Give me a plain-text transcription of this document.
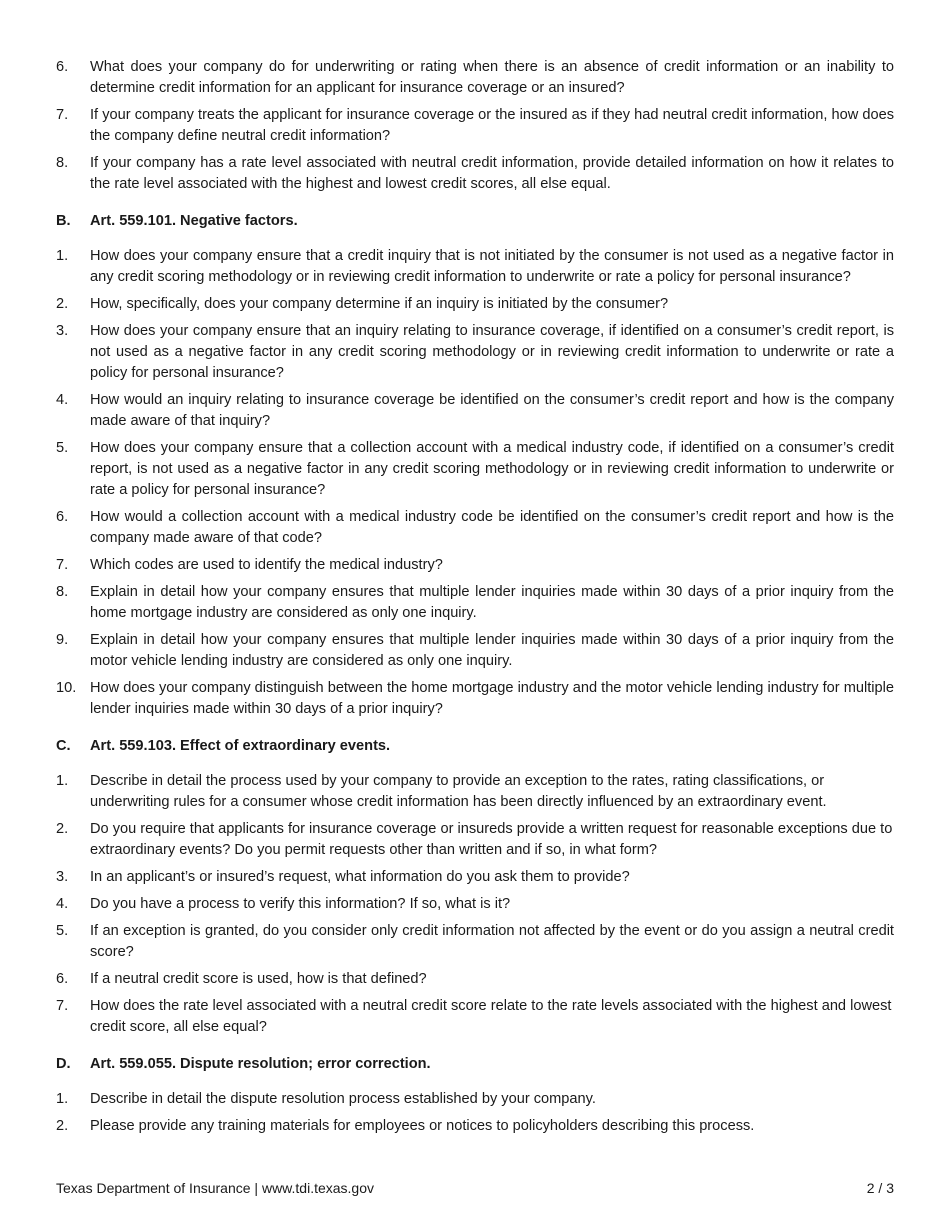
6.	What does your company do for underwriting or rating when there is an absence of credit information or an inability to determine credit information for an applicant for insurance coverage or an insured?
7.	If your company treats the applicant for insurance coverage or the insured as if they had neutral credit information, how does the company define neutral credit information?
8.	If your company has a rate level associated with neutral credit information, provide detailed information on how it relates to the rate level associated with the highest and lowest credit scores, all else equal.
B.	Art. 559.101. Negative factors.
1.	How does your company ensure that a credit inquiry that is not initiated by the consumer is not used as a negative factor in any credit scoring methodology or in reviewing credit information to underwrite or rate a policy for personal insurance?
2.	How, specifically, does your company determine if an inquiry is initiated by the consumer?
3.	How does your company ensure that an inquiry relating to insurance coverage, if identified on a consumer’s credit report, is not used as a negative factor in any credit scoring methodology or in reviewing credit information to underwrite or rate a policy for personal insurance?
4.	How would an inquiry relating to insurance coverage be identified on the consumer’s credit report and how is the company made aware of that inquiry?
5.	How does your company ensure that a collection account with a medical industry code, if identified on a consumer’s credit report, is not used as a negative factor in any credit scoring methodology or in reviewing credit information to underwrite or rate a policy for personal insurance?
6.	How would a collection account with a medical industry code be identified on the consumer’s credit report and how is the company made aware of that code?
7.	Which codes are used to identify the medical industry?
8.	Explain in detail how your company ensures that multiple lender inquiries made within 30 days of a prior inquiry from the home mortgage industry are considered as only one inquiry.
9.	Explain in detail how your company ensures that multiple lender inquiries made within 30 days of a prior inquiry from the motor vehicle lending industry are considered as only one inquiry.
10. How does your company distinguish between the home mortgage industry and the motor vehicle lending industry for multiple lender inquiries made within 30 days of a prior inquiry?
C.	Art. 559.103. Effect of extraordinary events.
1.	Describe in detail the process used by your company to provide an exception to the rates, rating classifications, or underwriting rules for a consumer whose credit information has been directly influenced by an extraordinary event.
2.	Do you require that applicants for insurance coverage or insureds provide a written request for reasonable exceptions due to extraordinary events? Do you permit requests other than written and if so, in what form?
3.	In an applicant’s or insured’s request, what information do you ask them to provide?
4.	Do you have a process to verify this information? If so, what is it?
5.	If an exception is granted, do you consider only credit information not affected by the event or do you assign a neutral credit score?
6.	If a neutral credit score is used, how is that defined?
7.	How does the rate level associated with a neutral credit score relate to the rate levels associated with the highest and lowest credit score, all else equal?
D.	Art. 559.055. Dispute resolution; error correction.
1.	Describe in detail the dispute resolution process established by your company.
2.	Please provide any training materials for employees or notices to policyholders describing this process.
Texas Department of Insurance | www.tdi.texas.gov	2 / 3
